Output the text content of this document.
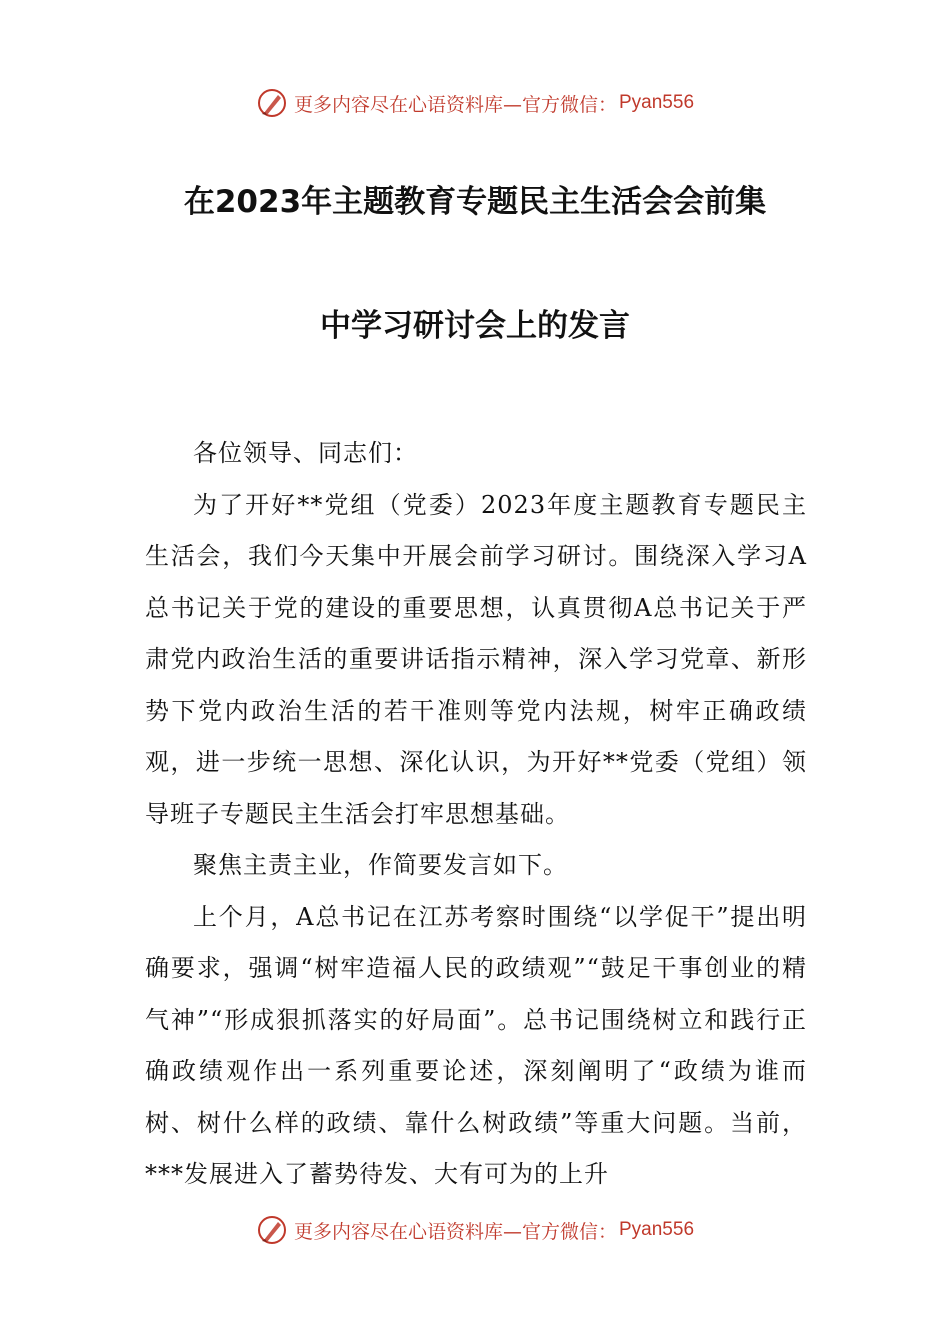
更多内容尽在心语资料库—官方微信： Pyan556
在2023年主题教育专题民主生活会会前集
中学习研讨会上的发言

各位领导、同志们：

为了开好**党组（党委）2023年度主题教育专题民主生活会，我们今天集中开展会前学习研讨。围绕深入学习A总书记关于党的建设的重要思想，认真贯彻A总书记关于严肃党内政治生活的重要讲话指示精神，深入学习党章、新形势下党内政治生活的若干准则等党内法规，树牢正确政绩观，进一步统一思想、深化认识，为开好**党委（党组）领导班子专题民主生活会打牢思想基础。

聚焦主责主业，作简要发言如下。

上个月，A总书记在江苏考察时围绕“以学促干”提出明确要求，强调“树牢造福人民的政绩观”“鼓足干事创业的精气神”“形成狠抓落实的好局面”。总书记围绕树立和践行正确政绩观作出一系列重要论述，深刻阐明了“政绩为谁而树、树什么样的政绩、靠什么树政绩”等重大问题。当前，***发展进入了蓄势待发、大有可为的上升

更多内容尽在心语资料库—官方微信： Pyan556
